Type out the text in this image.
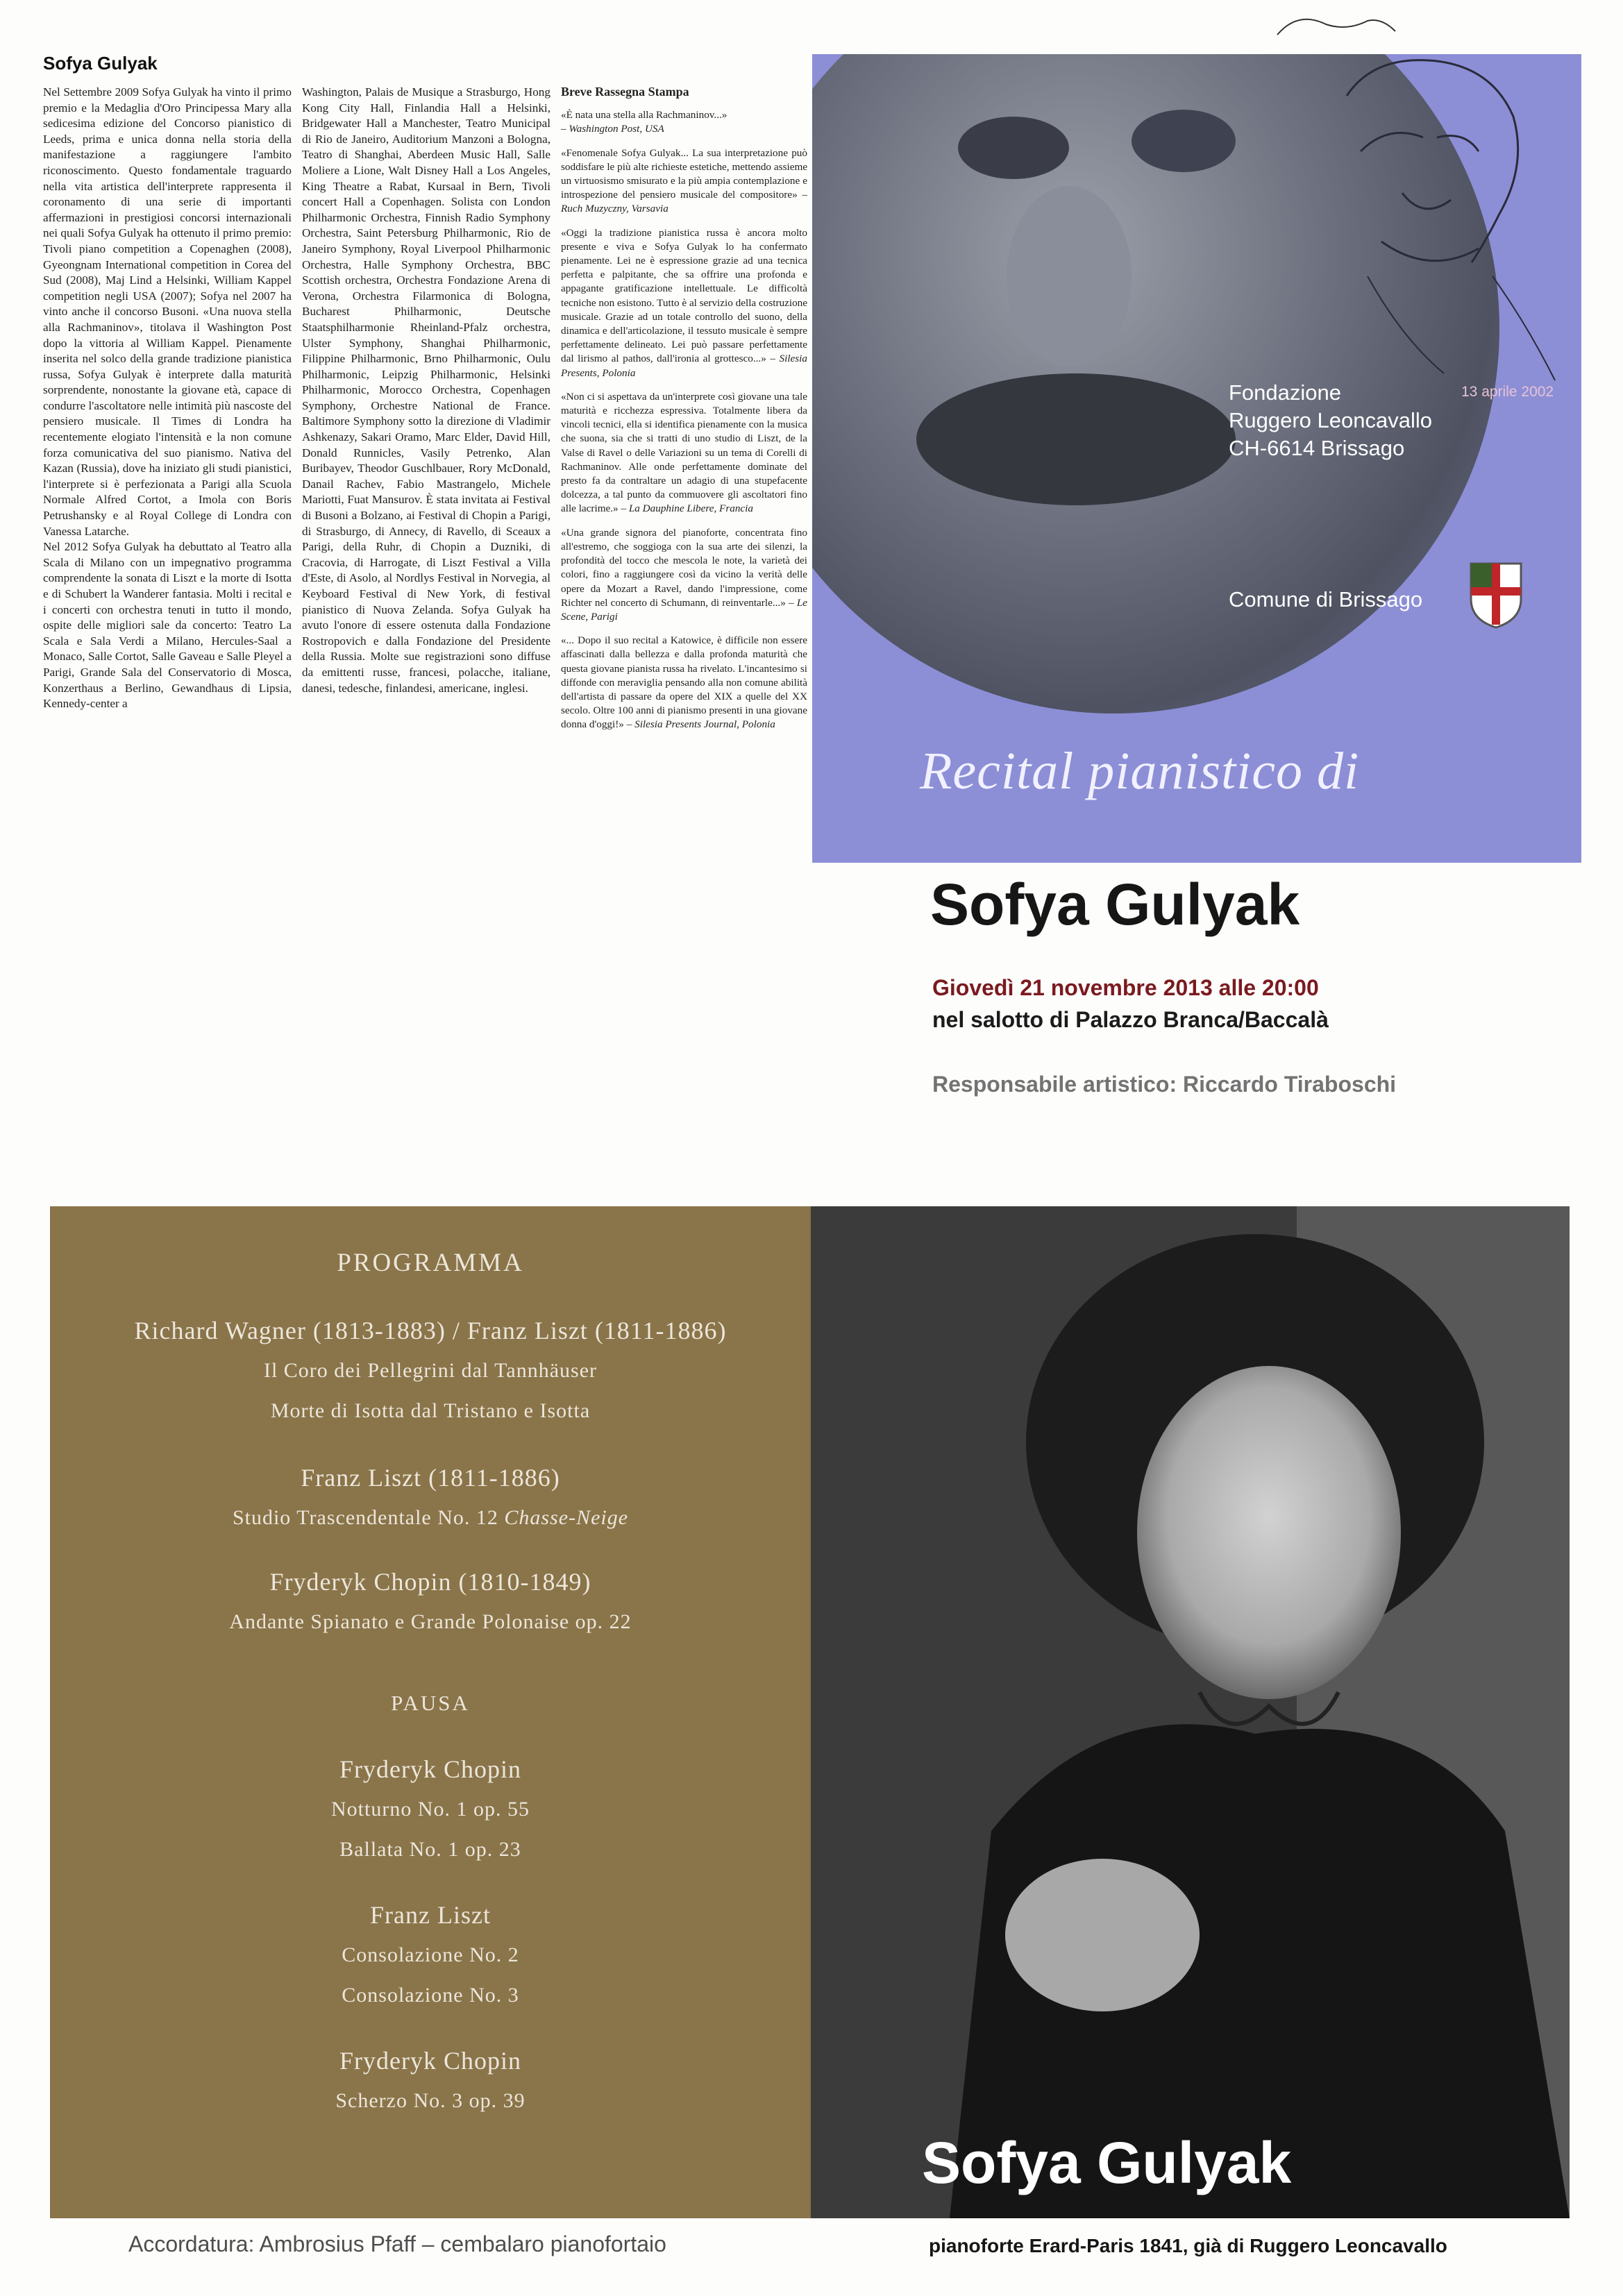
Sofya Gulyak

Nel Settembre 2009 Sofya Gulyak ha vinto il primo premio e la Medaglia d'Oro Principessa Mary alla sedicesima edizione del Concorso pianistico di Leeds, prima e unica donna nella storia della manifestazione a raggiungere l'ambito riconoscimento. Questo fondamentale traguardo nella vita artistica dell'interprete rappresenta il coronamento di una serie di importanti affermazioni in prestigiosi concorsi internazionali nei quali Sofya Gulyak ha ottenuto il primo premio: Tivoli piano competition a Copenaghen (2008), Gyeongnam International competition in Corea del Sud (2008), Maj Lind a Helsinki, William Kappel competition negli USA (2007); Sofya nel 2007 ha vinto anche il concorso Busoni. «Una nuova stella alla Rachmaninov», titolava il Washington Post dopo la vittoria al William Kappel. Pienamente inserita nel solco della grande tradizione pianistica russa, Sofya Gulyak è interprete dalla maturità sorprendente, nonostante la giovane età, capace di condurre l'ascoltatore nelle intimità più nascoste del pensiero musicale. Il Times di Londra ha recentemente elogiato l'intensità e la non comune forza comunicativa del suo pianismo. Nativa del Kazan (Russia), dove ha iniziato gli studi pianistici, l'interprete si è perfezionata a Parigi alla Scuola Normale Alfred Cortot, a Imola con Boris Petrushansky e al Royal College di Londra con Vanessa Latarche.

Nel 2012 Sofya Gulyak ha debuttato al Teatro alla Scala di Milano con un impegnativo programma comprendente la sonata di Liszt e la morte di Isotta e di Schubert la Wanderer fantasia. Molti i recital e i concerti con orchestra tenuti in tutto il mondo, ospite delle migliori sale da concerto: Teatro La Scala e Sala Verdi a Milano, Hercules-Saal a Monaco, Salle Cortot, Salle Gaveau e Salle Pleyel a Parigi, Grande Sala del Conservatorio di Mosca, Konzerthaus a Berlino, Gewandhaus di Lipsia, Kennedy-center a

Washington, Palais de Musique a Strasburgo, Hong Kong City Hall, Finlandia Hall a Helsinki, Bridgewater Hall a Manchester, Teatro Municipal di Rio de Janeiro, Auditorium Manzoni a Bologna, Teatro di Shanghai, Aberdeen Music Hall, Salle Moliere a Lione, Walt Disney Hall a Los Angeles, King Theatre a Rabat, Kursaal in Bern, Tivoli concert Hall a Copenhagen. Solista con London Philharmonic Orchestra, Finnish Radio Symphony Orchestra, Saint Petersburg Philharmonic, Rio de Janeiro Symphony, Royal Liverpool Philharmonic Orchestra, Halle Symphony Orchestra, BBC Scottish orchestra, Orchestra Fondazione Arena di Verona, Orchestra Filarmonica di Bologna, Bucharest Philharmonic, Deutsche Staatsphilharmonie Rheinland-Pfalz orchestra, Ulster Symphony, Shanghai Philharmonic, Filippine Philharmonic, Brno Philharmonic, Oulu Philharmonic, Leipzig Philharmonic, Helsinki Philharmonic, Morocco Orchestra, Copenhagen Symphony, Orchestre National de France. Baltimore Symphony sotto la direzione di Vladimir Ashkenazy, Sakari Oramo, Marc Elder, David Hill, Donald Runnicles, Vasily Petrenko, Alan Buribayev, Theodor Guschlbauer, Rory McDonald, Danail Rachev, Fabio Mastrangelo, Michele Mariotti, Fuat Mansurov. È stata invitata ai Festival di Busoni a Bolzano, ai Festival di Chopin a Parigi, di Strasburgo, di Annecy, di Ravello, di Sceaux a Parigi, della Ruhr, di Chopin a Duzniki, di Cracovia, di Harrogate, di Liszt Festival a Villa d'Este, di Asolo, al Nordlys Festival in Norvegia, al Keyboard Festival di New York, di festival pianistico di Nuova Zelanda. Sofya Gulyak ha avuto l'onore di essere ostenuta dalla Fondazione Rostropovich e dalla Fondazione del Presidente della Russia. Molte sue registrazioni sono diffuse da emittenti russe, francesi, polacche, italiane, danesi, tedesche, finlandesi, americane, inglesi.

Breve Rassegna Stampa
«È nata una stella alla Rachmaninov...»
– Washington Post, USA
«Fenomenale Sofya Gulyak... La sua interpretazione può soddisfare le più alte richieste estetiche, mettendo assieme un virtuosismo smisurato e la più ampia contemplazione e introspezione del pensiero musicale del compositore» – Ruch Muzyczny, Varsavia
«Oggi la tradizione pianistica russa è ancora molto presente e viva e Sofya Gulyak lo ha confermato pienamente. Lei ne è espressione grazie ad una tecnica perfetta e palpitante, che sa offrire una profonda e appagante gratificazione intellettuale. Le difficoltà tecniche non esistono. Tutto è al servizio della costruzione musicale. Grazie ad un totale controllo del suono, della dinamica e dell'articolazione, il tessuto musicale è sempre perfettamente delineato. Lei può passare perfettamente dal lirismo al pathos, dall'ironia al grottesco...» – Silesia Presents, Polonia
«Non ci si aspettava da un'interprete così giovane una tale maturità e ricchezza espressiva. Totalmente libera da vincoli tecnici, ella si identifica pienamente con la musica che suona, sia che si tratti di uno studio di Liszt, de la Valse di Ravel o delle Variazioni su un tema di Corelli di Rachmaninov. Alle onde perfettamente dominate del presto fa da contraltare un adagio di una stupefacente dolcezza, a tal punto da commuovere gli ascoltatori fino alle lacrime.» – La Dauphine Libere, Francia
«Una grande signora del pianoforte, concentrata fino all'estremo, che soggioga con la sua arte dei silenzi, la profondità del tocco che mescola le note, la varietà dei colori, fino a raggiungere così da vicino la verità delle opere da Mozart a Ravel, dando l'impressione, come Richter nel concerto di Schumann, di reinventarle...» – Le Scene, Parigi
«... Dopo il suo recital a Katowice, è difficile non essere affascinati dalla bellezza e dalla profonda maturità che questa giovane pianista russa ha rivelato. L'incantesimo si diffonde con meraviglia pensando alla non comune abilità dell'artista di passare da opere del XIX a quelle del XX secolo. Oltre 100 anni di pianismo presenti in una giovane donna d'oggi!» – Silesia Presents Journal, Polonia
Fondazione
Ruggero Leoncavallo
CH-6614 Brissago
13 aprile 2002
Comune di Brissago
Recital pianistico di
Sofya Gulyak
Giovedì 21 novembre 2013 alle 20:00
nel salotto di Palazzo Branca/Baccalà
Responsabile artistico: Riccardo Tiraboschi
PROGRAMMA
Richard Wagner (1813-1883) / Franz Liszt (1811-1886)
Il Coro dei Pellegrini dal Tannhäuser
Morte di Isotta dal Tristano e Isotta
Franz Liszt (1811-1886)
Studio Trascendentale No. 12 Chasse-Neige
Fryderyk Chopin (1810-1849)
Andante Spianato e Grande Polonaise op. 22
PAUSA
Fryderyk Chopin
Notturno No. 1 op. 55
Ballata No. 1 op. 23
Franz Liszt
Consolazione No. 2
Consolazione No. 3
Fryderyk Chopin
Scherzo No. 3 op. 39
Accordatura: Ambrosius Pfaff – cembalaro pianofortaio
Sofya Gulyak
pianoforte Erard-Paris 1841, già di Ruggero Leoncavallo
